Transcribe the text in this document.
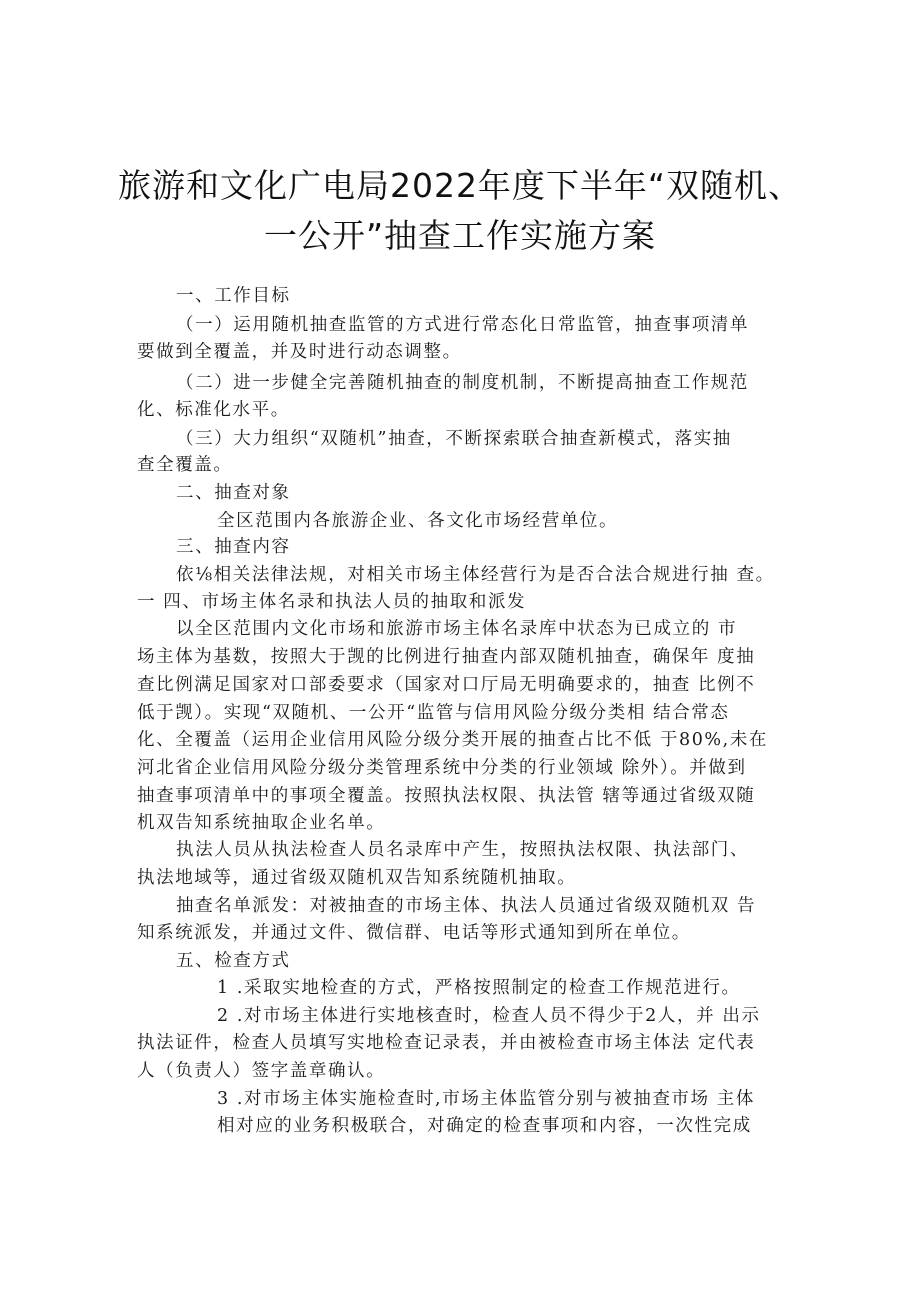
旅游和文化广电局2022年度下半年“双随机、
一公开”抽查工作实施方案

一、工作目标

（一）运用随机抽查监管的方式进行常态化日常监管，抽查事项清单

要做到全覆盖，并及时进行动态调整。

（二）进一步健全完善随机抽查的制度机制，不断提高抽查工作规范

化、标准化水平。

（三）大力组织“双随机”抽查，不断探索联合抽查新模式，落实抽

查全覆盖。

二、抽查对象

全区范围内各旅游企业、各文化市场经营单位。

三、抽查内容

依⅛相关法律法规，对相关市场主体经营行为是否合法合规进行抽 查。

一 四、市场主体名录和执法人员的抽取和派发

以全区范围内文化市场和旅游市场主体名录库中状态为已成立的 市

场主体为基数，按照大于觊的比例进行抽查内部双随机抽查，确保年 度抽

查比例满足国家对口部委要求（国家对口厅局无明确要求的，抽查 比例不

低于觊）。实现“双随机、一公开“监管与信用风险分级分类相 结合常态

化、全覆盖（运用企业信用风险分级分类开展的抽查占比不低 于80%,未在

河北省企业信用风险分级分类管理系统中分类的行业领域 除外）。并做到

抽查事项清单中的事项全覆盖。按照执法权限、执法管 辖等通过省级双随

机双告知系统抽取企业名单。

执法人员从执法检查人员名录库中产生，按照执法权限、执法部门、

执法地域等，通过省级双随机双告知系统随机抽取。

抽查名单派发：对被抽查的市场主体、执法人员通过省级双随机双 告

知系统派发，并通过文件、微信群、电话等形式通知到所在单位。

五、检查方式

1 .采取实地检查的方式，严格按照制定的检查工作规范进行。

2 .对市场主体进行实地核查时，检查人员不得少于2人，并 出示

执法证件，检查人员填写实地检查记录表，并由被检查市场主体法 定代表

人（负责人）签字盖章确认。

3 .对市场主体实施检查时,市场主体监管分别与被抽查市场 主体

相对应的业务积极联合，对确定的检查事项和内容，一次性完成
